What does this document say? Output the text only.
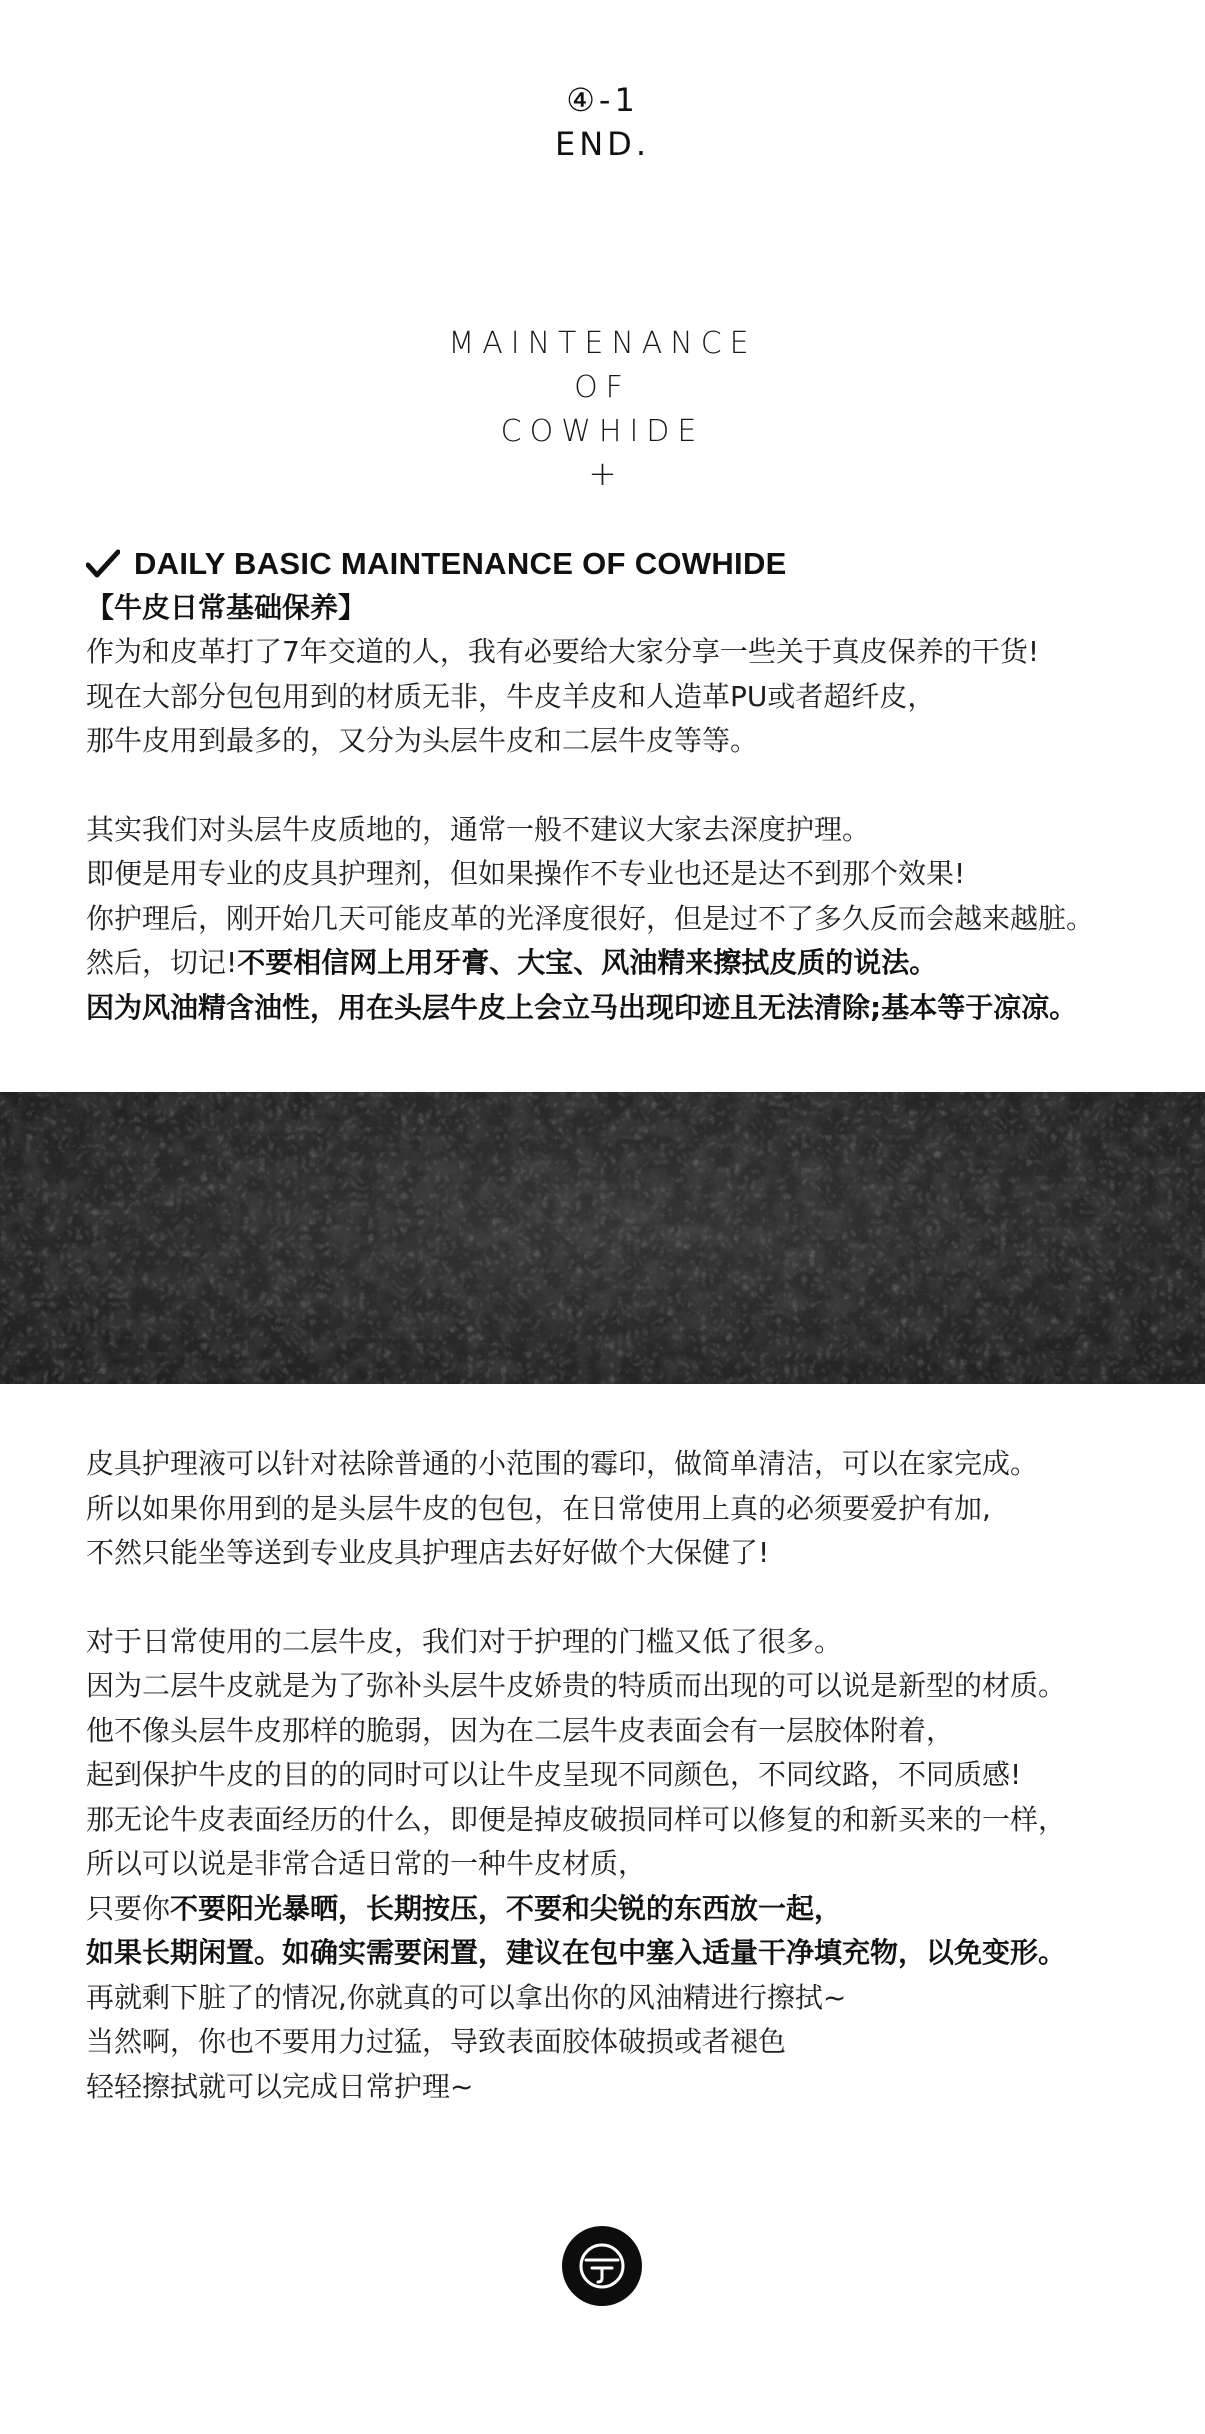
④-1
END.
MAINTENANCE
OF
COWHIDE
+
DAILY BASIC MAINTENANCE OF COWHIDE
【牛皮日常基础保养】
作为和皮革打了7年交道的人，我有必要给大家分享一些关于真皮保养的干货!
现在大部分包包用到的材质无非，牛皮羊皮和人造革PU或者超纤皮，
那牛皮用到最多的，又分为头层牛皮和二层牛皮等等。
其实我们对头层牛皮质地的，通常一般不建议大家去深度护理。
即便是用专业的皮具护理剂，但如果操作不专业也还是达不到那个效果!
你护理后，刚开始几天可能皮革的光泽度很好，但是过不了多久反而会越来越脏。
然后，切记!不要相信网上用牙膏、大宝、风油精来擦拭皮质的说法。
因为风油精含油性，用在头层牛皮上会立马出现印迹且无法清除;基本等于凉凉。
皮具护理液可以针对祛除普通的小范围的霉印，做简单清洁，可以在家完成。
所以如果你用到的是头层牛皮的包包，在日常使用上真的必须要爱护有加,
不然只能坐等送到专业皮具护理店去好好做个大保健了!
对于日常使用的二层牛皮，我们对于护理的门槛又低了很多。
因为二层牛皮就是为了弥补头层牛皮娇贵的特质而出现的可以说是新型的材质。
他不像头层牛皮那样的脆弱，因为在二层牛皮表面会有一层胶体附着，
起到保护牛皮的目的的同时可以让牛皮呈现不同颜色，不同纹路，不同质感!
那无论牛皮表面经历的什么，即便是掉皮破损同样可以修复的和新买来的一样，
所以可以说是非常合适日常的一种牛皮材质，
只要你不要阳光暴晒，长期按压，不要和尖锐的东西放一起，
如果长期闲置。如确实需要闲置，建议在包中塞入适量干净填充物，以免变形。
再就剩下脏了的情况,你就真的可以拿出你的风油精进行擦拭~
当然啊，你也不要用力过猛，导致表面胶体破损或者褪色
轻轻擦拭就可以完成日常护理~
